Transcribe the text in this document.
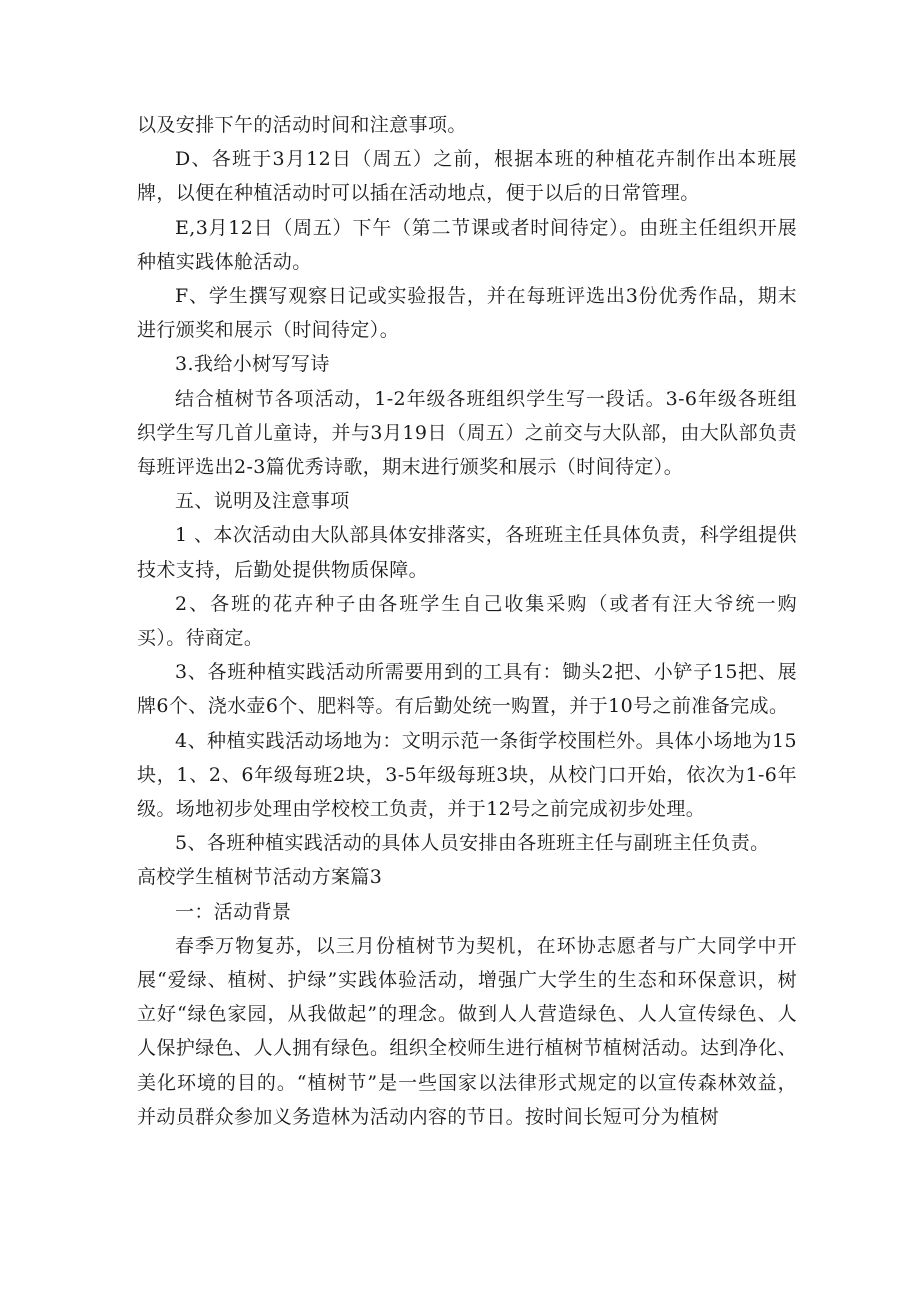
以及安排下午的活动时间和注意事项。

D、各班于3月12日（周五）之前，根据本班的种植花卉制作出本班展牌，以便在种植活动时可以插在活动地点，便于以后的日常管理。

E,3月12日（周五）下午（第二节课或者时间待定）。由班主任组织开展种植实践体舱活动。

F、学生撰写观察日记或实验报告，并在每班评选出3份优秀作品，期末进行颁奖和展示（时间待定）。

3.我给小树写写诗

结合植树节各项活动，1-2年级各班组织学生写一段话。3-6年级各班组织学生写几首儿童诗，并与3月19日（周五）之前交与大队部，由大队部负责每班评选出2-3篇优秀诗歌，期末进行颁奖和展示（时间待定）。

五、说明及注意事项

1 、本次活动由大队部具体安排落实，各班班主任具体负责，科学组提供技术支持，后勤处提供物质保障。

2、各班的花卉种子由各班学生自己收集采购（或者有汪大爷统一购买）。待商定。

3、各班种植实践活动所需要用到的工具有：锄头2把、小铲子15把、展牌6个、浇水壶6个、肥料等。有后勤处统一购置，并于10号之前准备完成。

4、种植实践活动场地为：文明示范一条街学校围栏外。具体小场地为15块，1、2、6年级每班2块，3-5年级每班3块，从校门口开始，依次为1-6年级。场地初步处理由学校校工负责，并于12号之前完成初步处理。

5、各班种植实践活动的具体人员安排由各班班主任与副班主任负责。

高校学生植树节活动方案篇3

一：活动背景

春季万物复苏，以三月份植树节为契机，在环协志愿者与广大同学中开展“爱绿、植树、护绿”实践体验活动，增强广大学生的生态和环保意识，树立好“绿色家园，从我做起”的理念。做到人人营造绿色、人人宣传绿色、人人保护绿色、人人拥有绿色。组织全校师生进行植树节植树活动。达到净化、美化环境的目的。“植树节”是一些国家以法律形式规定的以宣传森林效益，并动员群众参加义务造林为活动内容的节日。按时间长短可分为植树
